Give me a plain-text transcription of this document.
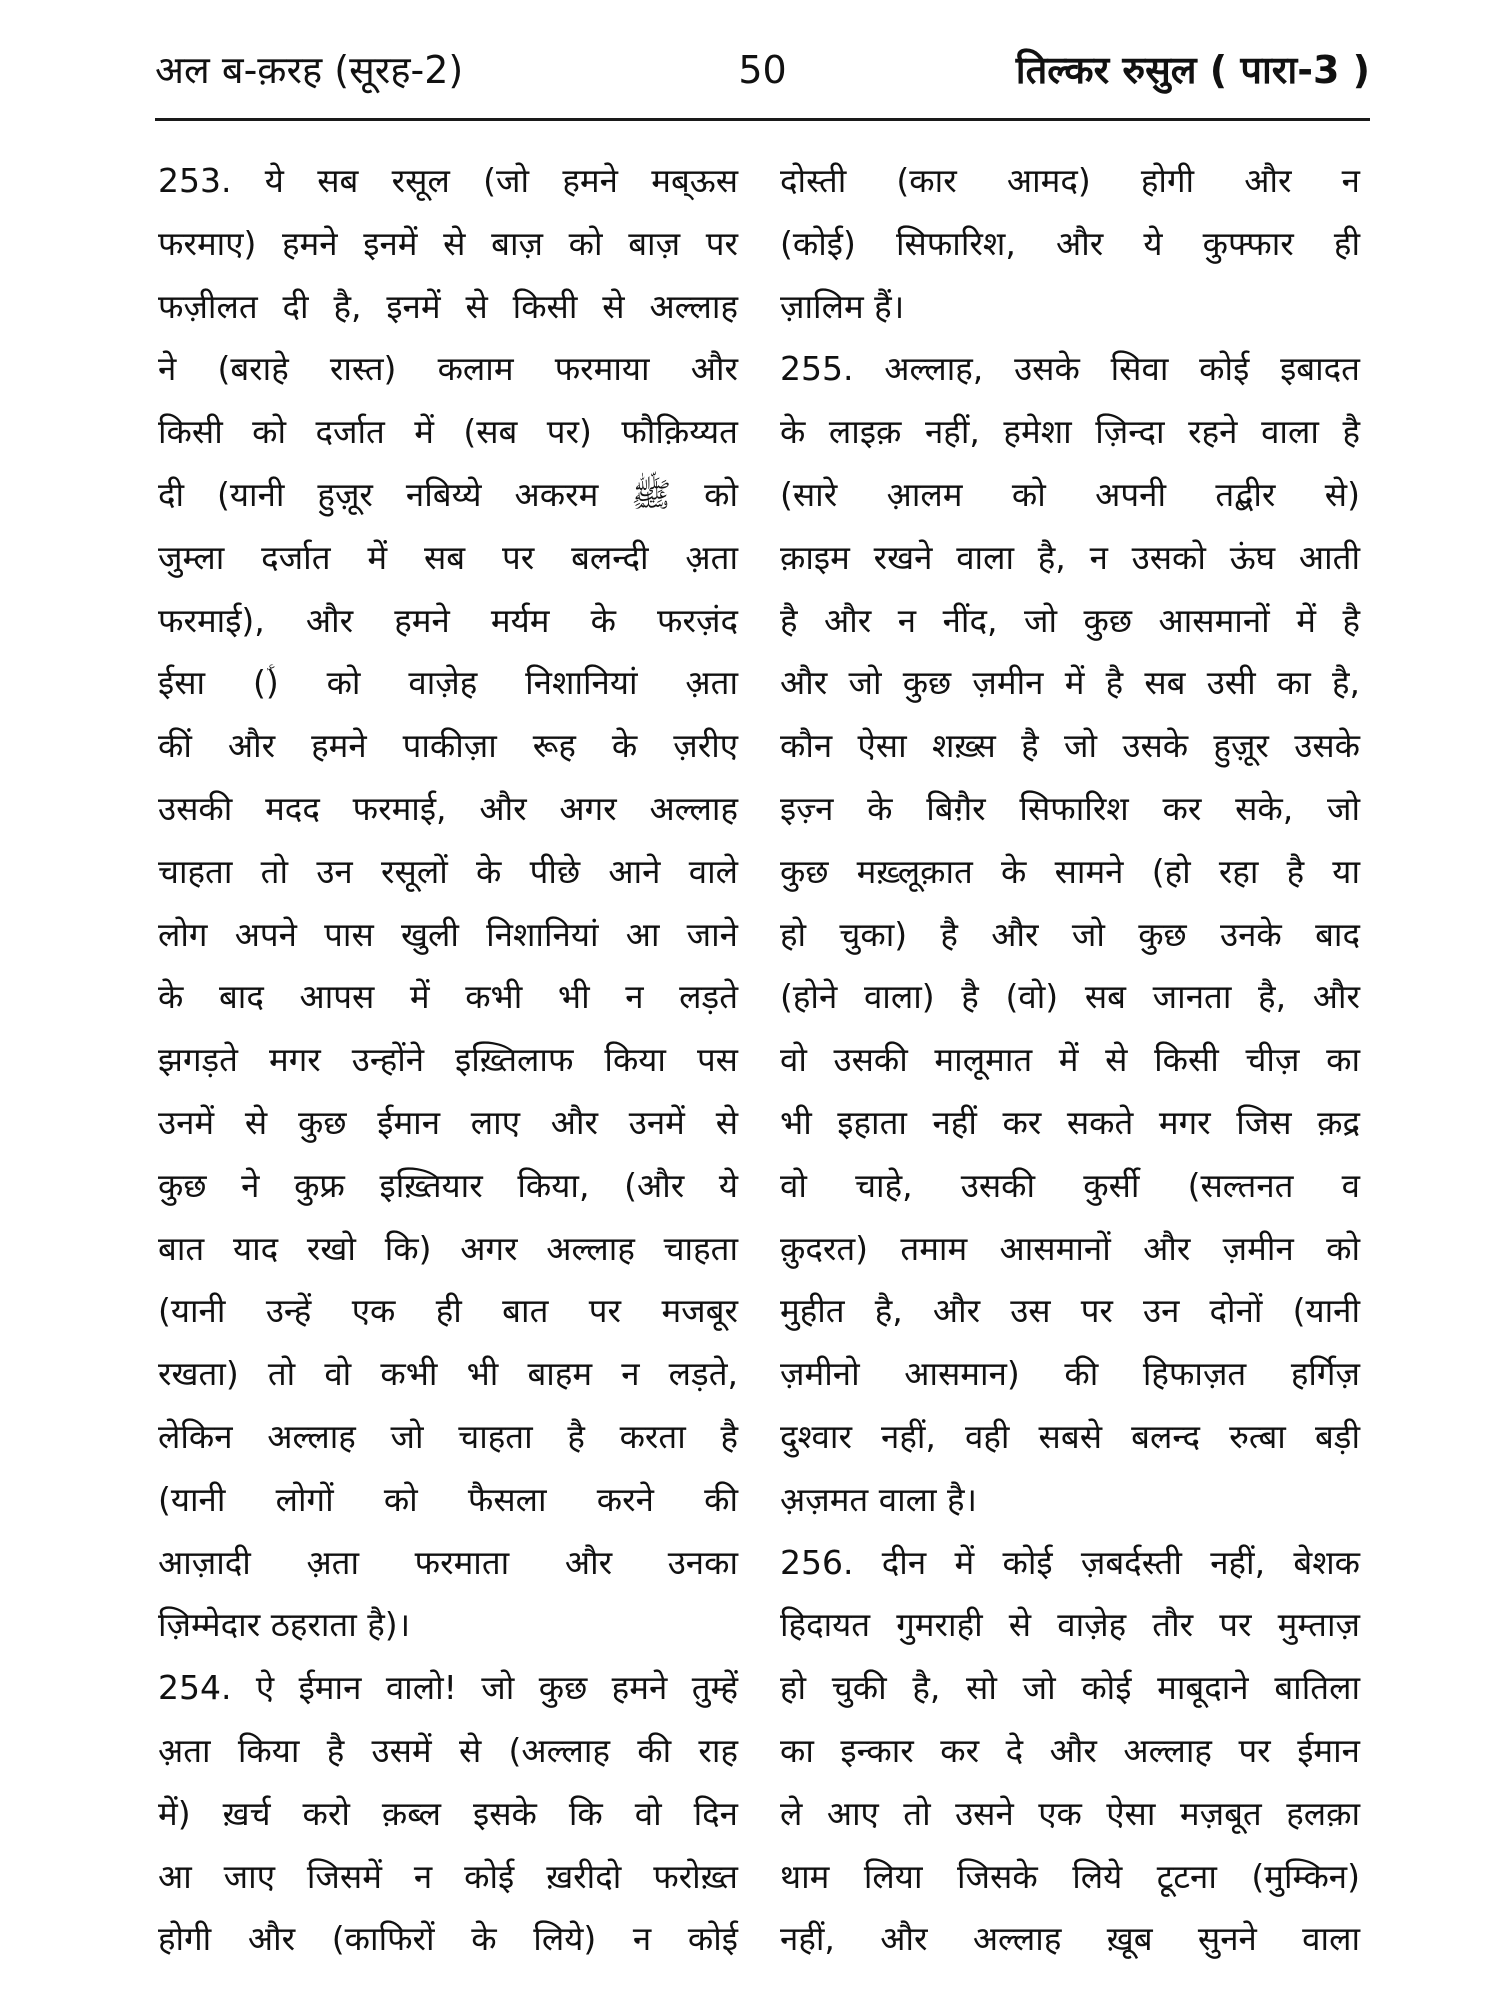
अल ब-क़रह (सूरह-2)	50	तिल्कर रुसुल ( पारा-3 )
253. ये सब रसूल (जो हमने मब्ऊस
फरमाए) हमने इनमें से बाज़ को बाज़ पर
फज़ीलत दी है, इनमें से किसी से अल्लाह
ने (बराहे रास्त) कलाम फरमाया और
किसी को दर्जात में (सब पर) फौक़िय्यत
दी (यानी हुज़ूर नबिय्ये अकरम ﷺ को
जुम्ला दर्जात में सब पर बलन्दी अ़ता
फरमाई), और हमने मर्यम के फरज़ंद
ईसा (ؑ) को वाज़ेह निशानियां अ़ता
कीं और हमने पाकीज़ा रूह के ज़रीए
उसकी मदद फरमाई, और अगर अल्लाह
चाहता तो उन रसूलों के पीछे आने वाले
लोग अपने पास खुली निशानियां आ जाने
के बाद आपस में कभी भी न लड़ते
झगड़ते मगर उन्होंने इख़्तिलाफ किया पस
उनमें से कुछ ईमान लाए और उनमें से
कुछ ने कुफ्र इख़्तियार किया, (और ये
बात याद रखो कि) अगर अल्लाह चाहता
(यानी उन्हें एक ही बात पर मजबूर
रखता) तो वो कभी भी बाहम न लड़ते,
लेकिन अल्लाह जो चाहता है करता है
(यानी लोगों को फैसला करने की
आज़ादी अ़ता फरमाता और उनका
ज़िम्मेदार ठहराता है)।
254. ऐ ईमान वालो! जो कुछ हमने तुम्हें
अ़ता किया है उसमें से (अल्लाह की राह
में) ख़र्च करो क़ब्ल इसके कि वो दिन
आ जाए जिसमें न कोई ख़रीदो फरोख़्त
होगी और (काफिरों के लिये) न कोई
दोस्ती (कार आमद) होगी और न
(कोई) सिफारिश, और ये कुफ्फार ही
ज़ालिम हैं।
255. अल्लाह, उसके सिवा कोई इबादत
के लाइक़ नहीं, हमेशा ज़िन्दा रहने वाला है
(सारे आ़लम को अपनी तद्बीर से)
क़ाइम रखने वाला है, न उसको ऊंघ आती
है और न नींद, जो कुछ आसमानों में है
और जो कुछ ज़मीन में है सब उसी का है,
कौन ऐसा शख़्स है जो उसके हुज़ूर उसके
इज़्न के बिग़ैर सिफारिश कर सके, जो
कुछ मख़्लूक़ात के सामने (हो रहा है या
हो चुका) है और जो कुछ उनके बाद
(होने वाला) है (वो) सब जानता है, और
वो उसकी मालूमात में से किसी चीज़ का
भी इहाता नहीं कर सकते मगर जिस क़द्र
वो चाहे, उसकी कुर्सी (सल्तनत व
क़ुदरत) तमाम आसमानों और ज़मीन को
मुहीत है, और उस पर उन दोनों (यानी
ज़मीनो आसमान) की हिफाज़त हर्गिज़
दुश्वार नहीं, वही सबसे बलन्द रुत्बा बड़ी
अ़ज़मत वाला है।
256. दीन में कोई ज़बर्दस्ती नहीं, बेशक
हिदायत गुमराही से वाज़ेह तौर पर मुम्ताज़
हो चुकी है, सो जो कोई माबूदाने बातिला
का इन्कार कर दे और अल्लाह पर ईमान
ले आए तो उसने एक ऐसा मज़बूत हलक़ा
थाम लिया जिसके लिये टूटना (मुम्किन)
नहीं, और अल्लाह ख़ूब सुनने वाला
